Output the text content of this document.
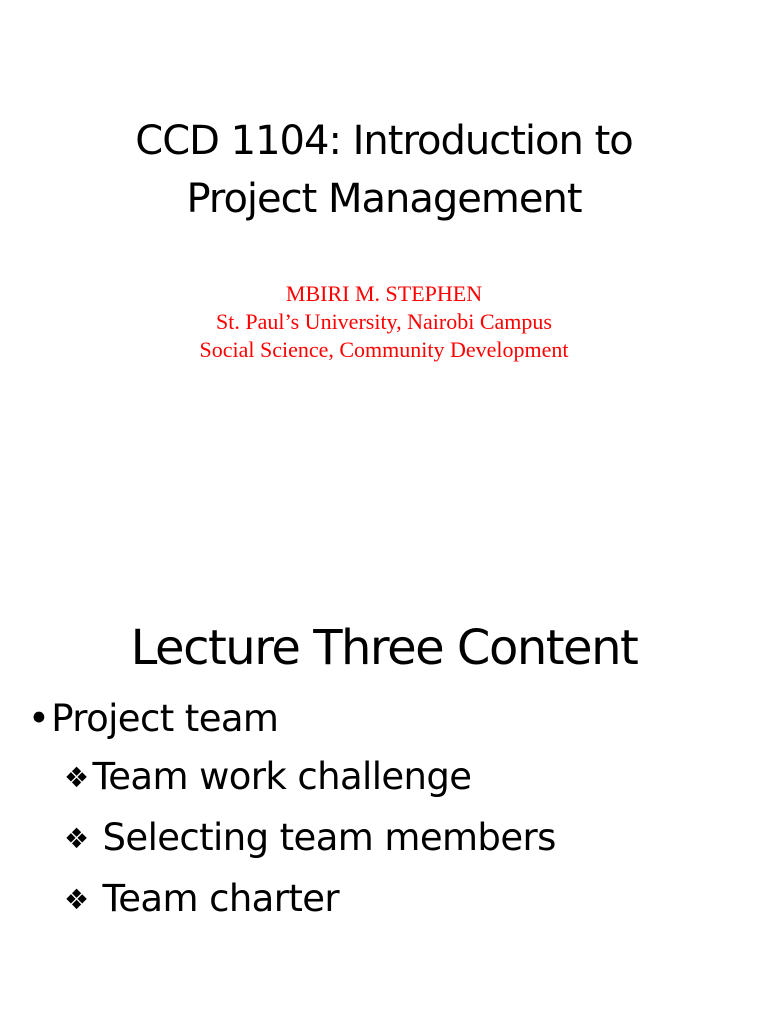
CCD 1104: Introduction to
Project Management
MBIRI M. STEPHEN
St. Paul’s University, Nairobi Campus
Social Science, Community Development
Lecture Three Content
• Project team
❖ Team work challenge
❖ Selecting team members
❖ Team charter
